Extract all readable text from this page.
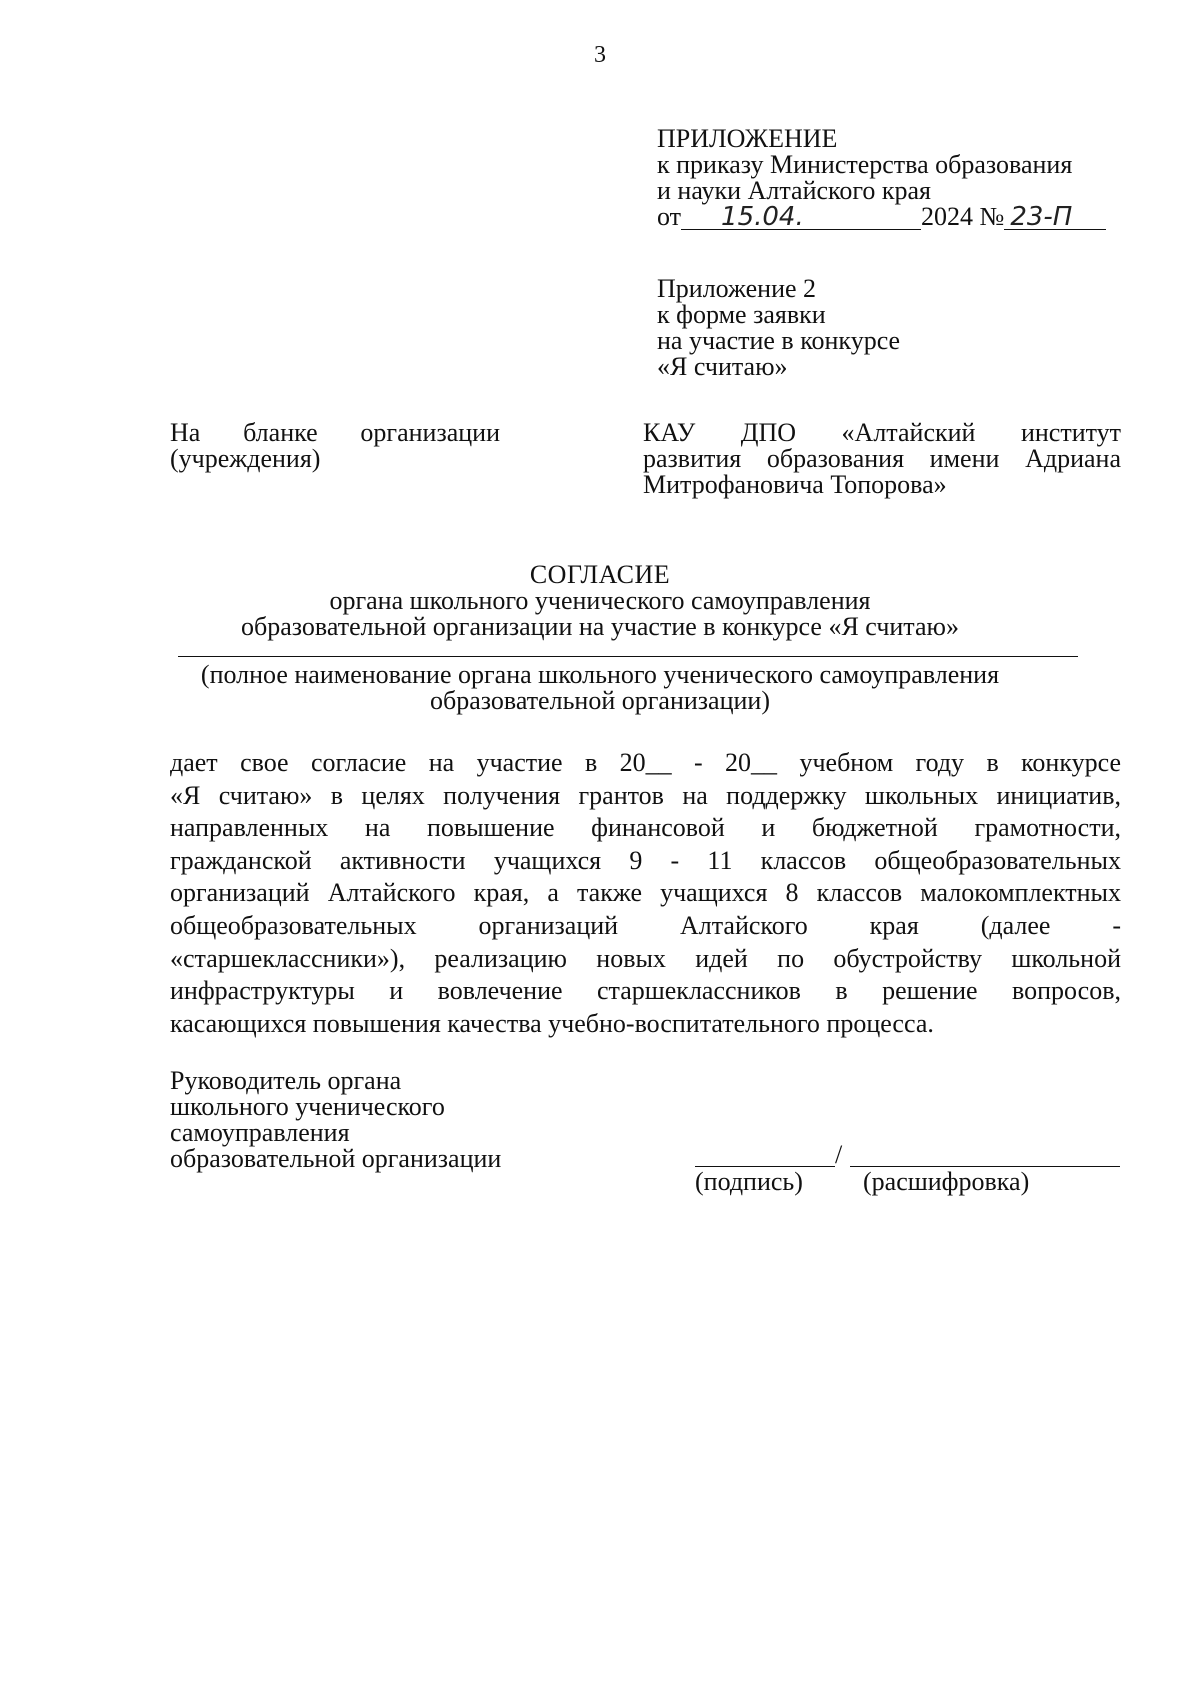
3
ПРИЛОЖЕНИЕ
к приказу Министерства образования
и науки Алтайского края
от 15.04.	2024 № 23-П
Приложение 2
к форме заявки
на участие в конкурсе
«Я считаю»
На бланке организации
(учреждения)
КАУ ДПО «Алтайский институт
развития образования имени Адриана
Митрофановича Топорова»
СОГЛАСИЕ
органа школьного ученического самоуправления
образовательной организации на участие в конкурсе «Я считаю»
(полное наименование органа школьного ученического самоуправления
образовательной организации)
дает свое согласие на участие в 20__ - 20__ учебном году в конкурсе
«Я считаю» в целях получения грантов на поддержку школьных инициатив,
направленных на повышение финансовой и бюджетной грамотности,
гражданской активности учащихся 9 - 11 классов общеобразовательных
организаций Алтайского края, а также учащихся 8 классов малокомплектных
общеобразовательных организаций Алтайского края (далее -
«старшеклассники»), реализацию новых идей по обустройству школьной
инфраструктуры и вовлечение старшеклассников в решение вопросов,
касающихся повышения качества учебно-воспитательного процесса.
Руководитель органа
школьного ученического
самоуправления
образовательной организации	/
(подпись) (расшифровка)
